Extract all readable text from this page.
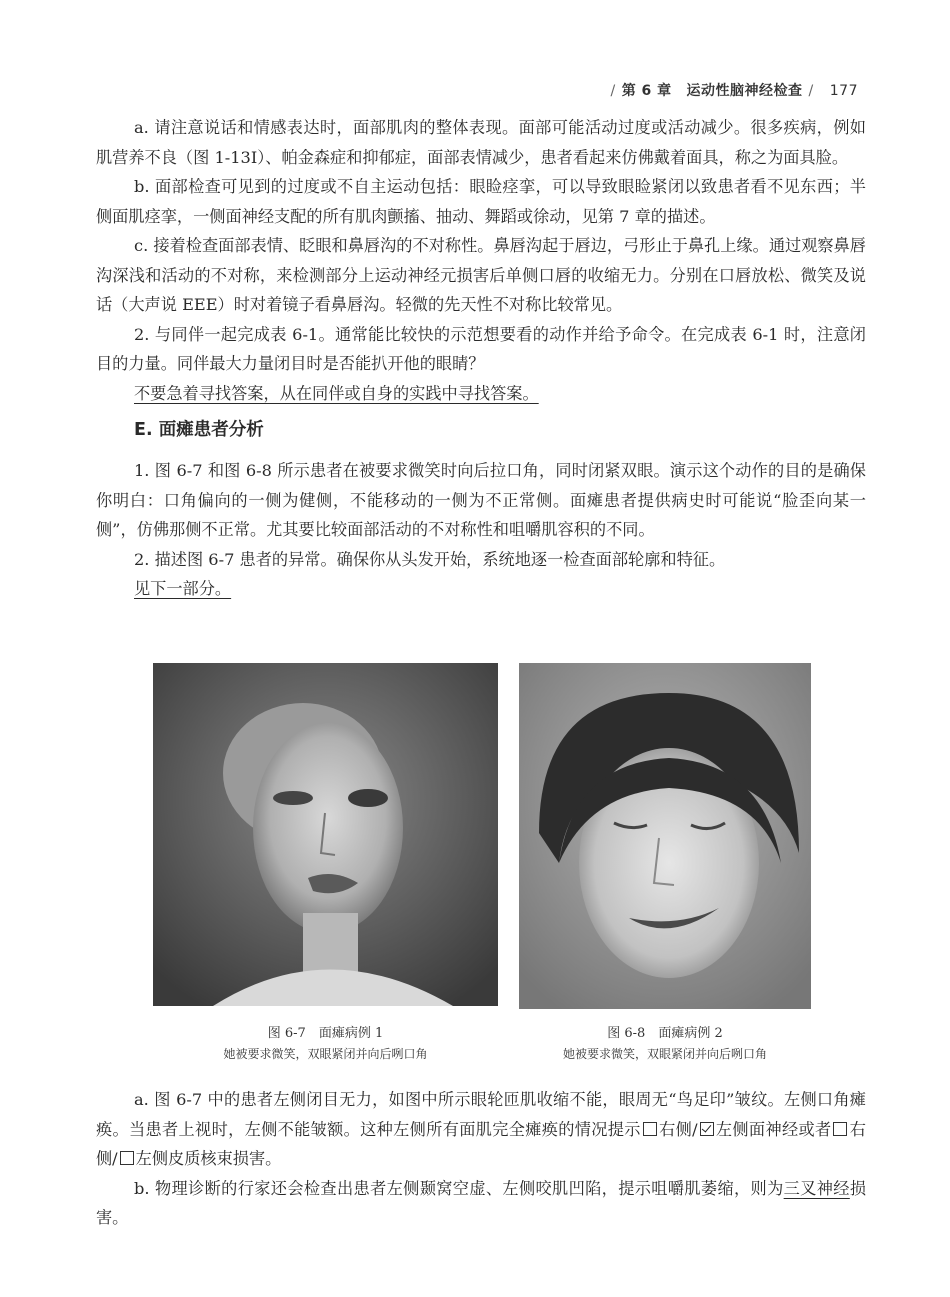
/ 第 6 章 运动性脑神经检查 / 177

a. 请注意说话和情感表达时，面部肌肉的整体表现。面部可能活动过度或活动减少。很多疾病，例如肌营养不良（图 1-13I）、帕金森症和抑郁症，面部表情减少，患者看起来仿佛戴着面具，称之为面具脸。

b. 面部检查可见到的过度或不自主运动包括：眼睑痉挛，可以导致眼睑紧闭以致患者看不见东西；半侧面肌痉挛，一侧面神经支配的所有肌肉颤搐、抽动、舞蹈或徐动，见第 7 章的描述。

c. 接着检查面部表情、眨眼和鼻唇沟的不对称性。鼻唇沟起于唇边，弓形止于鼻孔上缘。通过观察鼻唇沟深浅和活动的不对称，来检测部分上运动神经元损害后单侧口唇的收缩无力。分别在口唇放松、微笑及说话（大声说 EEE）时对着镜子看鼻唇沟。轻微的先天性不对称比较常见。

2. 与同伴一起完成表 6-1。通常能比较快的示范想要看的动作并给予命令。在完成表 6-1 时，注意闭目的力量。同伴最大力量闭目时是否能扒开他的眼睛？

不要急着寻找答案，从在同伴或自身的实践中寻找答案。
E. 面瘫患者分析

1. 图 6-7 和图 6-8 所示患者在被要求微笑时向后拉口角，同时闭紧双眼。演示这个动作的目的是确保你明白：口角偏向的一侧为健侧，不能移动的一侧为不正常侧。面瘫患者提供病史时可能说“脸歪向某一侧”，仿佛那侧不正常。尤其要比较面部活动的不对称性和咀嚼肌容积的不同。

2. 描述图 6-7 患者的异常。确保你从头发开始，系统地逐一检查面部轮廓和特征。

见下一部分。
图 6-7　面瘫病例 1
她被要求微笑，双眼紧闭并向后咧口角
图 6-8　面瘫病例 2
她被要求微笑，双眼紧闭并向后咧口角

a. 图 6-7 中的患者左侧闭目无力，如图中所示眼轮匝肌收缩不能，眼周无“鸟足印”皱纹。左侧口角瘫痪。当患者上视时，左侧不能皱额。这种左侧所有面肌完全瘫痪的情况提示 右侧/ 左侧面神经或者 右侧/ 左侧皮质核束损害。

b. 物理诊断的行家还会检查出患者左侧颞窝空虚、左侧咬肌凹陷，提示咀嚼肌萎缩，则为三叉神经损害。
